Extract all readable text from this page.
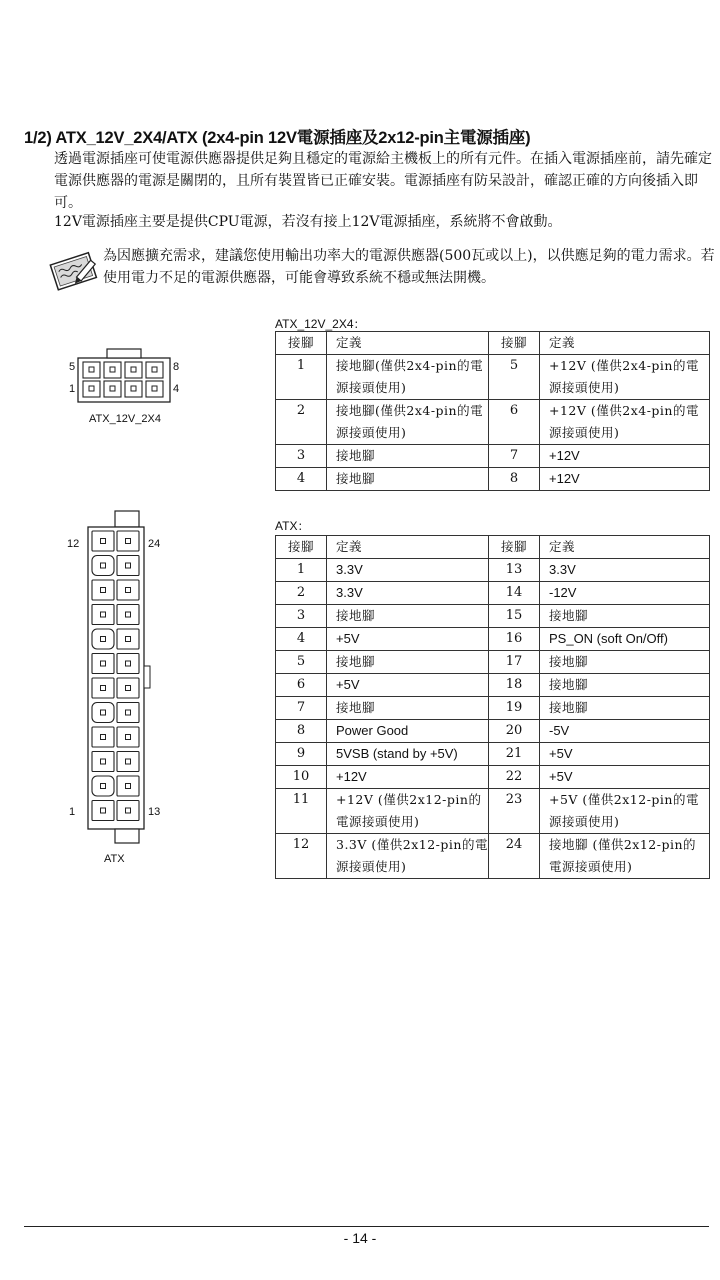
1/2) ATX_12V_2X4/ATX (2x4-pin 12V電源插座及2x12-pin主電源插座)
透過電源插座可使電源供應器提供足夠且穩定的電源給主機板上的所有元件。在插入電源插座前，請先確定電源供應器的電源是關閉的，且所有裝置皆已正確安裝。電源插座有防呆設計，確認正確的方向後插入即可。
12V電源插座主要是提供CPU電源，若沒有接上12V電源插座，系統將不會啟動。
為因應擴充需求，建議您使用輸出功率大的電源供應器(500瓦或以上)，以供應足夠的電力需求。若使用電力不足的電源供應器，可能會導致系統不穩或無法開機。
5	8
1	4
ATX_12V_2X4
12	24
1	13
ATX
ATX_12V_2X4：
接腳	定義	接腳	定義
1	接地腳(僅供2x4-pin的電源接頭使用)	5	+12V (僅供2x4-pin的電源接頭使用)
2	接地腳(僅供2x4-pin的電源接頭使用)	6	+12V (僅供2x4-pin的電源接頭使用)
3	接地腳	7	+12V
4	接地腳	8	+12V
ATX：
接腳	定義	接腳	定義
1	3.3V	13	3.3V
2	3.3V	14	-12V
3	接地腳	15	接地腳
4	+5V	16	PS_ON (soft On/Off)
5	接地腳	17	接地腳
6	+5V	18	接地腳
7	接地腳	19	接地腳
8	Power Good	20	-5V
9	5VSB (stand by +5V)	21	+5V
10	+12V	22	+5V
11	+12V (僅供2x12-pin的電源接頭使用)	23	+5V (僅供2x12-pin的電源接頭使用)
12	3.3V (僅供2x12-pin的電源接頭使用)	24	接地腳 (僅供2x12-pin的電源接頭使用)
- 14 -
